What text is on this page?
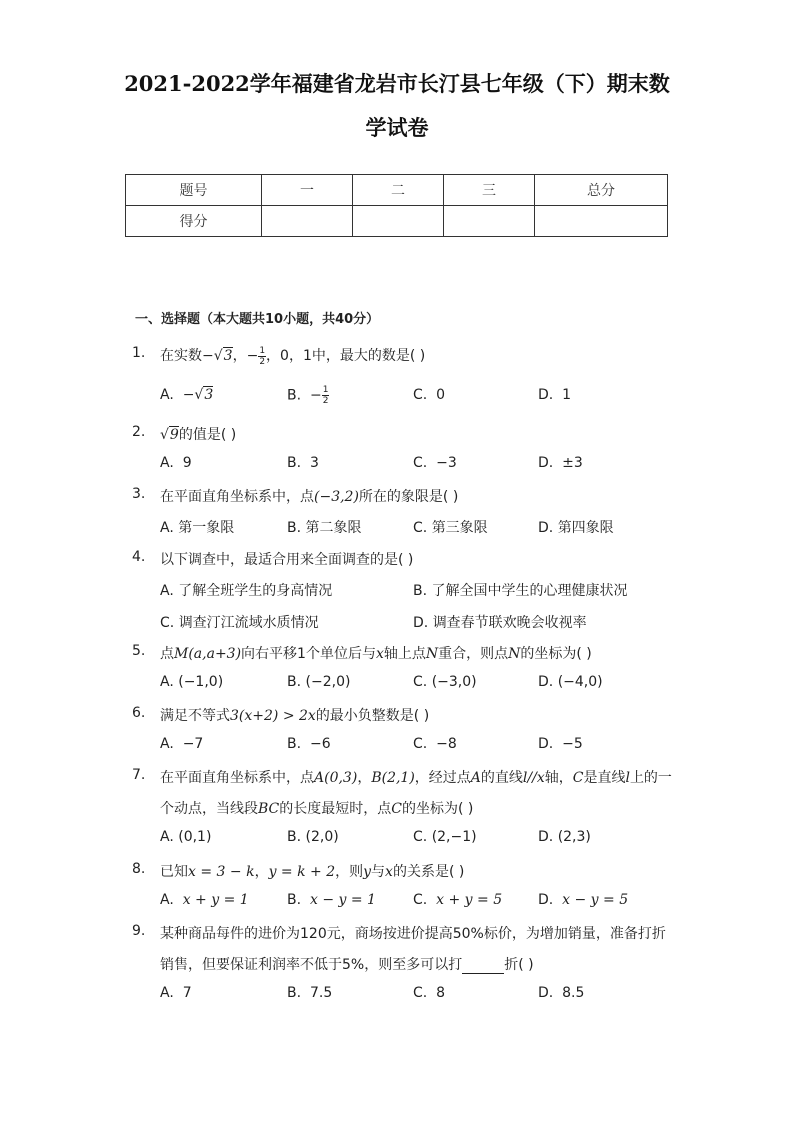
2021-2022学年福建省龙岩市长汀县七年级（下）期末数
学试卷
题号	一	二	三	总分
得分				
一、选择题（本大题共10小题，共40分）
1. 在实数−√3，− $\frac{1}{2}$ ，0，1中，最大的数是( )
A. −√3	B. − $\frac{1}{2}$	C. 0	D. 1
2. √9的值是( )
A. 9	B. 3	C. −3	D. ±3
3. 在平面直角坐标系中，点(−3,2)所在的象限是( )
A. 第一象限	B. 第二象限	C. 第三象限	D. 第四象限
4. 以下调查中，最适合用来全面调查的是( )
A. 了解全班学生的身高情况	B. 了解全国中学生的心理健康状况
C. 调查汀江流域水质情况	D. 调查春节联欢晚会收视率
5. 点M(a,a+3)向右平移1个单位后与x轴上点N重合，则点N的坐标为( )
A. (−1,0)	B. (−2,0)	C. (−3,0)	D. (−4,0)
6. 满足不等式3(x+2) > 2x的最小负整数是( )
A. −7	B. −6	C. −8	D. −5
7. 在平面直角坐标系中，点A(0,3)，B(2,1)，经过点A的直线l//x轴，C是直线l上的一
个动点，当线段BC的长度最短时，点C的坐标为( )
A. (0,1)	B. (2,0)	C. (2,−1)	D. (2,3)
8. 已知x = 3 − k，y = k + 2，则y与x的关系是( )
A. x + y = 1	B. x − y = 1	C. x + y = 5	D. x − y = 5
9. 某种商品每件的进价为120元，商场按进价提高50%标价，为增加销量，准备打折
销售，但要保证利润率不低于5%，则至多可以打	折( )
A. 7	B. 7.5	C. 8	D. 8.5
